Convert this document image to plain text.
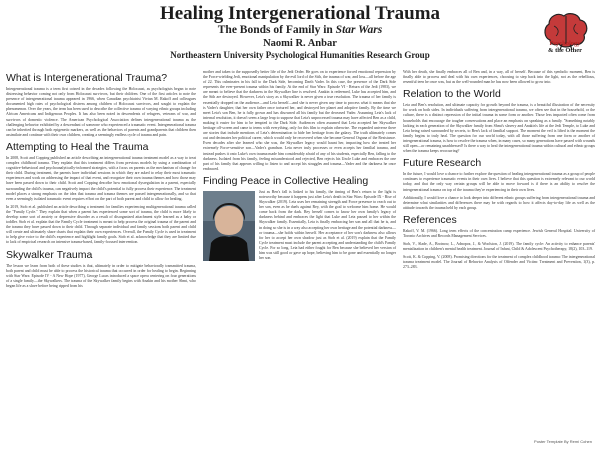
Healing Intergenerational Trauma
The Bonds of Family in Star Wars
Naomi R. Anbar
Northeastern University Psychological Humanities Research Group
Psychology
& the Other
What is Intergenerational Trauma?

Intergenerational trauma is a term first coined in the decades following the Holocaust, as psychologists began to note distressing behavior coming not only from Holocaust survivors, but their children. One of the first articles to note the presence of intergenerational trauma appeared in 1966, when Canadian psychiatrist Vivian M. Rakoff and colleagues documented high rates of psychological distress among children of Holocaust survivors, and sought to explain the phenomenon. Over the years, the term has been used to describe the collective trauma of varying ethnic groups including African Americans and Indigenous Peoples. It has also been noted in descendents of refugees, veterans of war, and survivors of domestic violence. The American Psychological Association defines intergenerational trauma as the challenging behavior exhibited by a descendant of someone who experienced a traumatic event. Intergenerational trauma can be inherited through both epigenetic markers, as well as the behaviors of parents and grandparents that children then assimilate and continue with their own children, creating a seemingly endless cycle of trauma and pain.

Attempting to Heal the Trauma

In 2008, Scott and Copping published an article describing an intergenerational trauma treatment model as a way to treat complex childhood trauma. They explain that this treatment differs from previous models by using a combination of cognitive-behavioral and psychoanalytically-informed strategies, with a focus on parents as the mechanism of change for their child. During treatment, the parents have individual sessions in which they are asked to relay their most traumatic experiences and work on addressing the impact of that event, and recognize their own trauma themes and how those may have been passed down to their child. Scott and Copping describe how emotional dysregulation in a parent, especially surrounding the child's trauma, can negatively impact the child's potential to fully process their experience. The treatment model places a strong emphasis on the idea that trauma and trauma themes are passed intergenerationally, and so that even a seemingly isolated traumatic event requires effort on the part of both parent and child to allow for healing.

In 2019, Stob et al. published an article describing a treatment for families experiencing multigenerational trauma called the "Family Cycle." They explain that when a parent has experienced some sort of trauma, the child is more likely to develop some sort of anxiety or depressive disorder as a result of disorganized attachment style learned as a baby or toddler. Stob et al. explain that the Family Cycle treatment is meant to help process the original trauma of the parent and the trauma they have passed down to their child. Through separate individual and family sessions both parent and child will create and ultimately share charts that explain their own experiences. Overall, the Family Cycle is used in treatment to help give voice to the child's experience and highlight family goals. Stob et al. acknowledge that they are limited due to lack of empirical research on intensive trauma-based, family-focused intervention.

Skywalker Trauma

The lesson we learn from both of these studies is that, ultimately in order to mitigate behaviorally transmitted trauma, both parent and child must be able to process the historical trauma that occurred in order for healing to begin. Beginning with Star Wars: Episode IV - A New Hope (1977), George Lucas introduced a space opera centering on four generations of a single family—the Skywalkers. The trauma of the Skywalker family begins with Anakin and his mother Shmi, who began life as a slave before being ripped from his

mother and taken to the supposedly better life of the Jedi Order. He goes on to experience forced emotional repression by the Force-wielding Jedi, emotional manipulation by the evil lord of the Sith, the trauma of war, and loss—all before the age of 22. This culminates in his fall to the Dark Side, becoming Darth Vader. In this case, the presence of the Dark Side represents the ever-present trauma within his family. At the end of Star Wars: Episode VI - Return of the Jedi (1983), we are meant to believe that the darkness in the Skywalker line is resolved. Anakin is redeemed, Luke has accepted him, and the Sith are destroyed. However, Leia's story as a Skywalker is never given a true resolution. The trauma of her family is essentially dropped on the audience—and Leia herself—and she is never given any time to process what it means that she is Vader's daughter; that her own father once tortured her, and destroyed her planet and adoptive family. By the time we meet Leia's son Ben, he is fully grown and has disowned all his family but the deceased Vader. Assuming Leia's lack of internal resolution, it doesn't seem a large leap to suppose that Leia's unprocessed trauma may have affected Ben as a child, making it easier for him to be tempted to the Dark Side. Audiences often assumed that Leia accepted her Skywalker heritage off-screen and came to terms with everything, only for this film to explain otherwise. The expanded universe there are stories that include mentions of Leia's determination to hide her heritage from the galaxy. The truth ultimately comes out and decimates her political career, which would only be recovered when she became General Organa of the Resistance. Even decades after she learned who she was, the Skywalker legacy would haunt her, impacting how she treated her extremely Force-sensitive son—Vader's grandson. Leia never truly processes or even accepts her familial trauma, and instead pushes it onto Luke's own trauma made him considerably afraid of any of his students, especially Ben, falling to the darkness. Isolated from his family, feeling misunderstood and rejected, Ben rejects his Uncle Luke and embraces the one part of his family that appears willing to listen to and accept his struggles and trauma—Vader and the darkness he once embraced.

Finding Peace in Collective Healing

Just as Ben's fall is linked to his family, the timing of Ben's return to the light is noteworthy because it happens just after Leia's death in Star Wars: Episode IX - Rise of Skywalker (2019). Leia uses her remaining strength and Force presence to reach out to her son, even as he duels against Rey, with the goal to welcome him home. He would come back from the dark. Rey herself comes to know her own family's legacy of darkness behind and embraces the light that Luke and Leia passed to her within the Skywalker family. Essentially, Leia is finally embracing her son and all that he is, and in doing so she is in a way also accepting her own heritage and the potential darkness—or trauma—she holds within herself. Her acceptance of her son's darkness also allows for her to accept her own shadow just as Stob et al. (2019) explain that the Family Cycle treatment must include the parent accepting and understanding the child's Family Cycle. For so long, Leia had either fought for Ben because she believed her version of him was still good or gave up hope, believing him to be gone and essentially no longer her son.

With her death, she finally embraces all of Ben and, in a way, all of herself. Because of this symbolic moment, Ben is finally able to process and deal with his own experiences, choosing to step back into the light, not as the rebellious, resentful teen he once was, but as the well-rounded man he has now been allowed to grow into.

Relation to the World

Leia and Ben's resolution, and ultimate capacity for growth beyond the trauma, is a beautiful illustration of the necessity for work on both sides. In individuals suffering from intergenerational trauma, we often see that in the household, or the culture, there is a distinct repression of the initial trauma in some form or another. Those less impacted often come from households that encourage the tougher conversations and place an emphasis on speaking as a family. "Something notably lacking in each generation of the Skywalker family from Shmi's slavery and Anakin's life at the Jedi Temple, to Luke and Leia being raised surrounded by secrets, to Ben's lack of familial support. The moment the veil is lifted is the moment the family begins to truly heal. The question for our world today, with all those suffering from one form or another of intergenerational trauma, is how to resolve the trauma when, in many cases, so many generations have passed with wounds still open—or remaining unaddressed? Is there a way to heal the intergenerational trauma within cultural and ethnic groups when the trauma keeps reoccurring?

Future Research

In the future, I would love a chance to further explore the question of healing intergenerational trauma as a group of people continues to experience traumatic events in their own lives. I believe that this question is extremely relevant to our world today, and that the only way certain groups will be able to move forward is if there is an ability to resolve the intergenerational trauma on top of the trauma they're experiencing in their own lives.

Additionally, I would love a chance to look deeper into different ethnic groups suffering from intergenerational trauma and determine what similarities and differences there may be with regards to how it affects day-to-day life as well as the attitude towards the trauma held by each group.

References

Rakoff, V. M. (1966). Long term effects of the concentration camp experience. Jewish General Hospital. University of Toronto Archives and Records Management Services.

Stob, V., Slade, A., Brotnow, L., Adnopoz, J., & Woolston, J. (2019). The family cycle: An activity to enhance parents' mentalization in children's mental health treatment. Journal of Infant, Child & Adolescent Psychotherapy, 18(2), 103–119.

Scott, K. & Copping, V. (2008). Promising directions for the treatment of complex childhood trauma: The intergenerational trauma treatment model. The Journal of Behavior Analysis of Offender and Victim: Treatment and Prevention, 1(3), p. 273–283.

Poster Template By Remi Cohen
